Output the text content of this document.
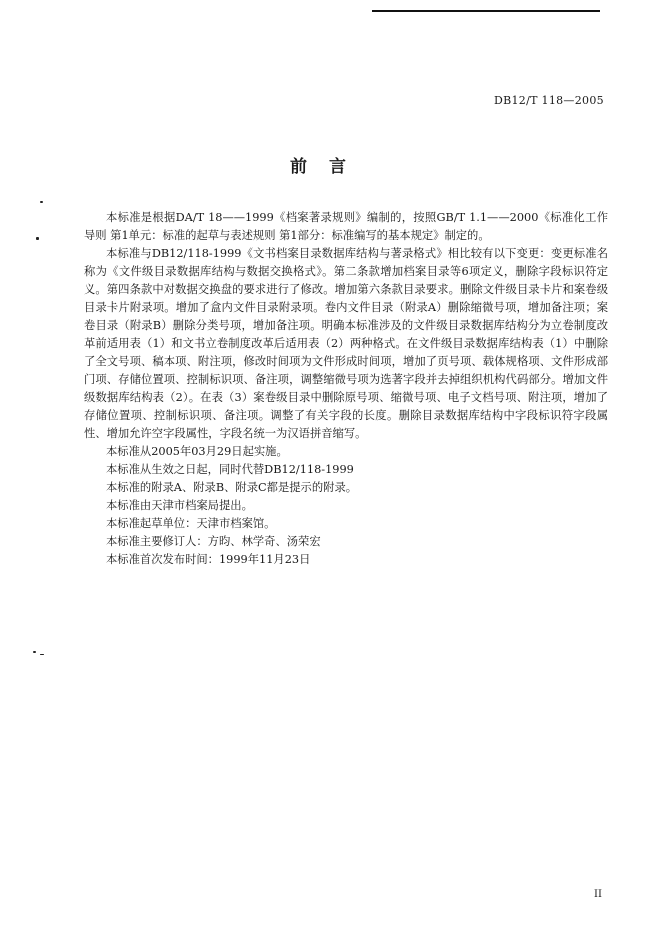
DB12/T 118—2005
前言

本标准是根据DA/T 18——1999《档案著录规则》编制的，按照GB/T 1.1——2000《标准化工作导则 第1单元：标准的起草与表述规则 第1部分：标准编写的基本规定》制定的。

本标准与DB12/118-1999《文书档案目录数据库结构与著录格式》相比较有以下变更：变更标准名称为《文件级目录数据库结构与数据交换格式》。第二条款增加档案目录等6项定义，删除字段标识符定义。第四条款中对数据交换盘的要求进行了修改。增加第六条款目录要求。删除文件级目录卡片和案卷级目录卡片附录项。增加了盒内文件目录附录项。卷内文件目录（附录A）删除缩微号项，增加备注项；案卷目录（附录B）删除分类号项，增加备注项。明确本标准涉及的文件级目录数据库结构分为立卷制度改革前适用表（1）和文书立卷制度改革后适用表（2）两种格式。在文件级目录数据库结构表（1）中删除了全文号项、稿本项、附注项，修改时间项为文件形成时间项，增加了页号项、载体规格项、文件形成部门项、存储位置项、控制标识项、备注项，调整缩微号项为选著字段并去掉组织机构代码部分。增加文件级数据库结构表（2）。在表（3）案卷级目录中删除原号项、缩微号项、电子文档号项、附注项，增加了存储位置项、控制标识项、备注项。调整了有关字段的长度。删除目录数据库结构中字段标识符字段属性、增加允许空字段属性，字段名统一为汉语拼音缩写。

本标准从2005年03月29日起实施。

本标准从生效之日起，同时代替DB12/118-1999

本标准的附录A、附录B、附录C都是提示的附录。

本标准由天津市档案局提出。

本标准起草单位：天津市档案馆。

本标准主要修订人：方昀、林学奇、汤荣宏

本标准首次发布时间：1999年11月23日

II
